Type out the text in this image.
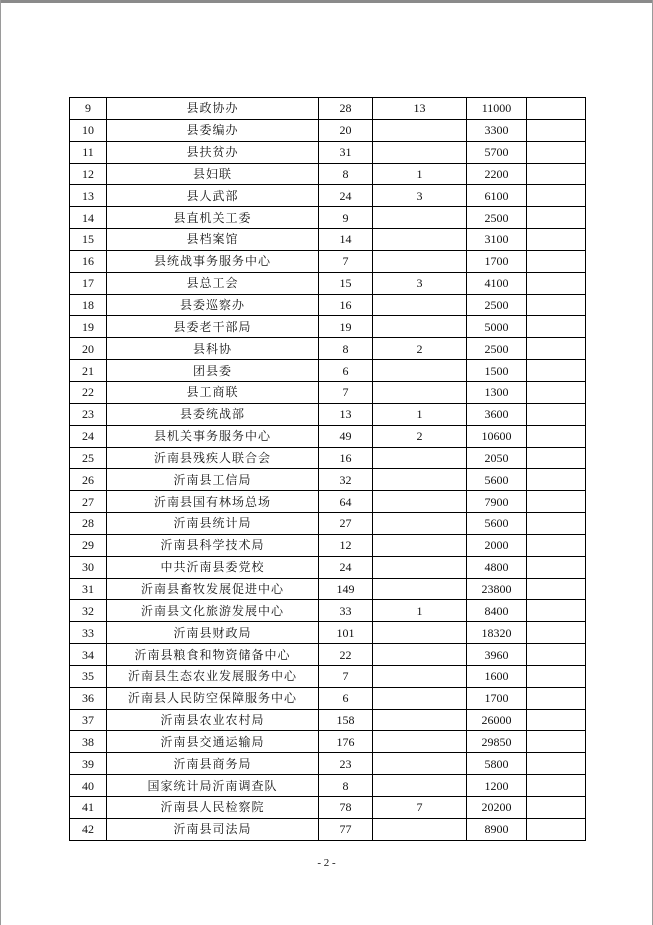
9	县政协办	28	13	11000	
10	县委编办	20		3300	
11	县扶贫办	31		5700	
12	县妇联	8	1	2200	
13	县人武部	24	3	6100	
14	县直机关工委	9		2500	
15	县档案馆	14		3100	
16	县统战事务服务中心	7		1700	
17	县总工会	15	3	4100	
18	县委巡察办	16		2500	
19	县委老干部局	19		5000	
20	县科协	8	2	2500	
21	团县委	6		1500	
22	县工商联	7		1300	
23	县委统战部	13	1	3600	
24	县机关事务服务中心	49	2	10600	
25	沂南县残疾人联合会	16		2050	
26	沂南县工信局	32		5600	
27	沂南县国有林场总场	64		7900	
28	沂南县统计局	27		5600	
29	沂南县科学技术局	12		2000	
30	中共沂南县委党校	24		4800	
31	沂南县畜牧发展促进中心	149		23800	
32	沂南县文化旅游发展中心	33	1	8400	
33	沂南县财政局	101		18320	
34	沂南县粮食和物资储备中心	22		3960	
35	沂南县生态农业发展服务中心	7		1600	
36	沂南县人民防空保障服务中心	6		1700	
37	沂南县农业农村局	158		26000	
38	沂南县交通运输局	176		29850	
39	沂南县商务局	23		5800	
40	国家统计局沂南调查队	8		1200	
41	沂南县人民检察院	78	7	20200	
42	沂南县司法局	77		8900	
- 2 -
